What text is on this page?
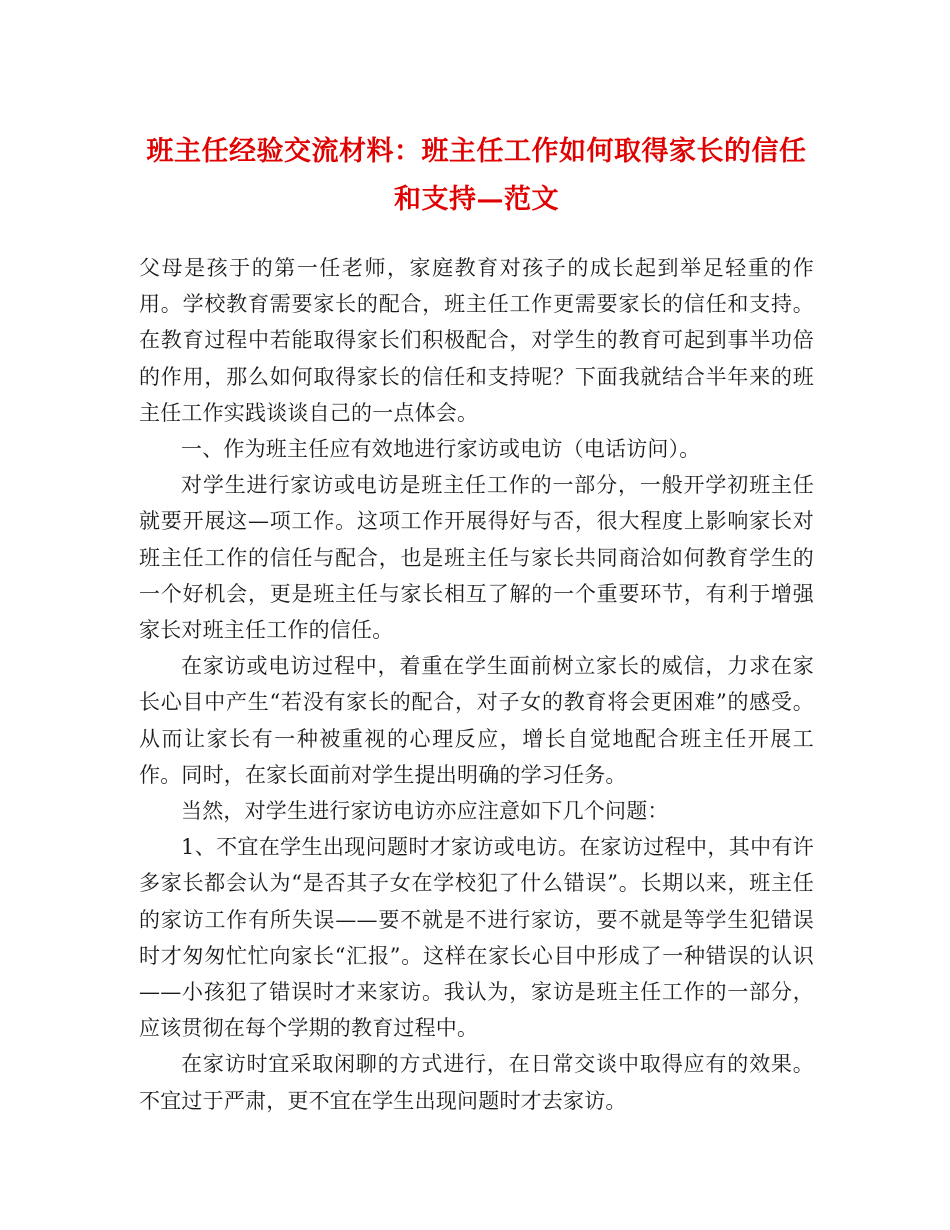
班主任经验交流材料：班主任工作如何取得家长的信任
和支持—范文

父母是孩于的第一任老师，家庭教育对孩子的成长起到举足轻重的作用。学校教育需要家长的配合，班主任工作更需要家长的信任和支持。在教育过程中若能取得家长们积极配合，对学生的教育可起到事半功倍的作用，那么如何取得家长的信任和支持呢？下面我就结合半年来的班主任工作实践谈谈自己的一点体会。

一、作为班主任应有效地进行家访或电访（电话访问）。

对学生进行家访或电访是班主任工作的一部分，一般开学初班主任就要开展这—项工作。这项工作开展得好与否，很大程度上影响家长对班主任工作的信任与配合，也是班主任与家长共同商洽如何教育学生的一个好机会，更是班主任与家长相互了解的一个重要环节，有利于增强家长对班主任工作的信任。

在家访或电访过程中，着重在学生面前树立家长的威信，力求在家长心目中产生“若没有家长的配合，对子女的教育将会更困难”的感受。从而让家长有一种被重视的心理反应，增长自觉地配合班主任开展工作。同时，在家长面前对学生提出明确的学习任务。

当然，对学生进行家访电访亦应注意如下几个问题：

1、不宜在学生出现问题时才家访或电访。在家访过程中，其中有许多家长都会认为“是否其子女在学校犯了什么错误”。长期以来，班主任的家访工作有所失误——要不就是不进行家访，要不就是等学生犯错误时才匆匆忙忙向家长“汇报”。这样在家长心目中形成了一种错误的认识——小孩犯了错误时才来家访。我认为，家访是班主任工作的一部分，应该贯彻在每个学期的教育过程中。

在家访时宜采取闲聊的方式进行，在日常交谈中取得应有的效果。不宜过于严肃，更不宜在学生出现问题时才去家访。
